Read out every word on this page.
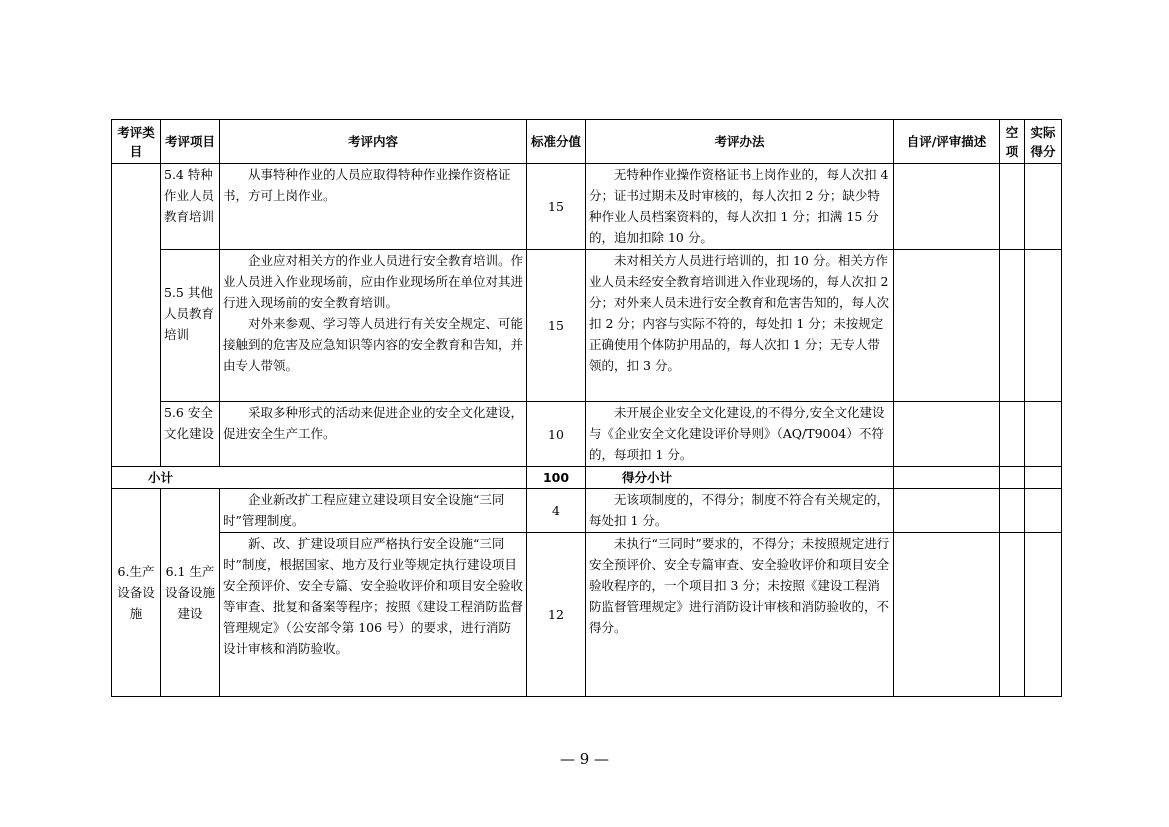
考评类目	考评项目	考评内容	标准分值	考评办法	自评/评审描述	空项	实际得分
	5.4 特种作业人员教育培训	从事特种作业的人员应取得特种作业操作资格证书，方可上岗作业。	15	无特种作业操作资格证书上岗作业的，每人次扣 4 分；证书过期未及时审核的，每人次扣 2 分；缺少特种作业人员档案资料的，每人次扣 1 分；扣满 15 分的，追加扣除 10 分。			

	5.5 其他人员教育培训	企业应对相关方的作业人员进行安全教育培训。作业人员进入作业现场前，应由作业现场所在单位对其进行进入现场前的安全教育培训。
对外来参观、学习等人员进行有关安全规定、可能接触到的危害及应急知识等内容的安全教育和告知，并由专人带领。	15	未对相关方人员进行培训的，扣 10 分。相关方作业人员未经安全教育培训进入作业现场的，每人次扣 2 分；对外来人员未进行安全教育和危害告知的，每人次扣 2 分；内容与实际不符的，每处扣 1 分；未按规定正确使用个体防护用品的，每人次扣 1 分；无专人带领的，扣 3 分。			

	5.6 安全文化建设	采取多种形式的活动来促进企业的安全文化建设，促进安全生产工作。	10	未开展企业安全文化建设,的不得分,安全文化建设与《企业安全文化建设评价导则》（AQ/T9004）不符的，每项扣 1 分。			

小计			100	得分小计			
6.生产设备设施	6.1 生产设备设施建设	企业新改扩工程应建立建设项目安全设施“三同时”管理制度。	4	无该项制度的，不得分；制度不符合有关规定的，每处扣 1 分。			

		新、改、扩建设项目应严格执行安全设施“三同时”制度，根据国家、地方及行业等规定执行建设项目安全预评价、安全专篇、安全验收评价和项目安全验收等审查、批复和备案等程序；按照《建设工程消防监督管理规定》（公安部令第 106 号）的要求，进行消防设计审核和消防验收。	12	未执行“三同时”要求的，不得分；未按照规定进行安全预评价、安全专篇审查、安全验收评价和项目安全验收程序的，一个项目扣 3 分；未按照《建设工程消防监督管理规定》进行消防设计审核和消防验收的，不得分。			

— 9 —
